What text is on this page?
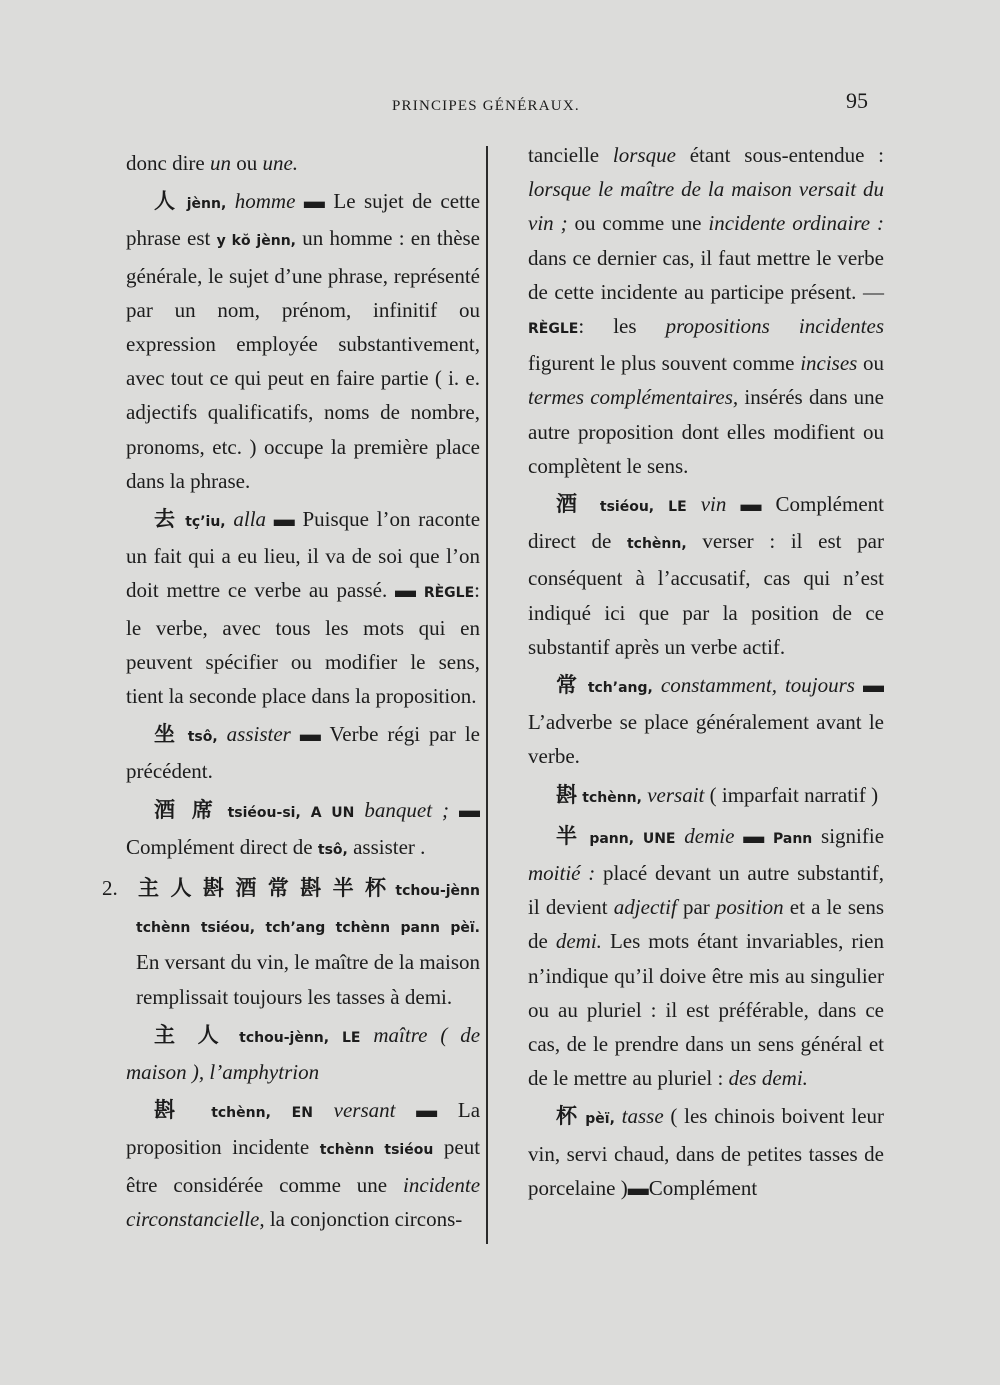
PRINCIPES GÉNÉRAUX.	95

donc dire un ou une.

人 jènn, homme ▬ Le sujet de cette phrase est y kŏ jènn, un homme : en thèse générale, le sujet d’une phrase, représenté par un nom, prénom, infinitif ou expression employée substantivement, avec tout ce qui peut en faire partie ( i. e. adjectifs qualificatifs, noms de nombre, pronoms, etc. ) occupe la première place dans la phrase.

去 tç’iu, alla ▬ Puisque l’on raconte un fait qui a eu lieu, il va de soi que l’on doit mettre ce verbe au passé. ▬ RÈGLE: le verbe, avec tous les mots qui en peuvent spécifier ou modifier le sens, tient la seconde place dans la proposition.

坐 tsô, assister ▬ Verbe régi par le précédent.

酒 席 tsiéou-si, A UN banquet ; ▬ Complément direct de tsô, assister .

2. 主 人 斟 酒 常 斟 半 杯 tchou-jènn tchènn tsiéou, tch’ang tchènn pann pèï. En versant du vin, le maître de la maison remplissait toujours les tasses à demi.

主 人 tchou-jènn, LE maître ( de maison ), l’amphytrion

斟 tchènn, EN versant ▬ La proposition incidente tchènn tsiéou peut être considérée comme une incidente circonstancielle, la conjonction circons-

tancielle lorsque étant sous-entendue : lorsque le maître de la maison versait du vin ; ou comme une incidente ordinaire : dans ce dernier cas, il faut mettre le verbe de cette incidente au participe présent. — RÈGLE: les propositions incidentes figurent le plus souvent comme incises ou termes complémentaires, insérés dans une autre proposition dont elles modifient ou complètent le sens.

酒 tsiéou, LE vin ▬ Complément direct de tchènn, verser : il est par conséquent à l’accusatif, cas qui n’est indiqué ici que par la position de ce substantif après un verbe actif.

常 tch’ang, constamment, toujours ▬ L’adverbe se place généralement avant le verbe.

斟 tchènn, versait ( imparfait narratif )

半 pann, UNE demie ▬ Pann signifie moitié : placé devant un autre substantif, il devient adjectif par position et a le sens de demi. Les mots étant invariables, rien n’indique qu’il doive être mis au singulier ou au pluriel : il est préférable, dans ce cas, de le prendre dans un sens général et de le mettre au pluriel : des demi.

杯 pèï, tasse ( les chinois boivent leur vin, servi chaud, dans de petites tasses de porcelaine )▬Complément
